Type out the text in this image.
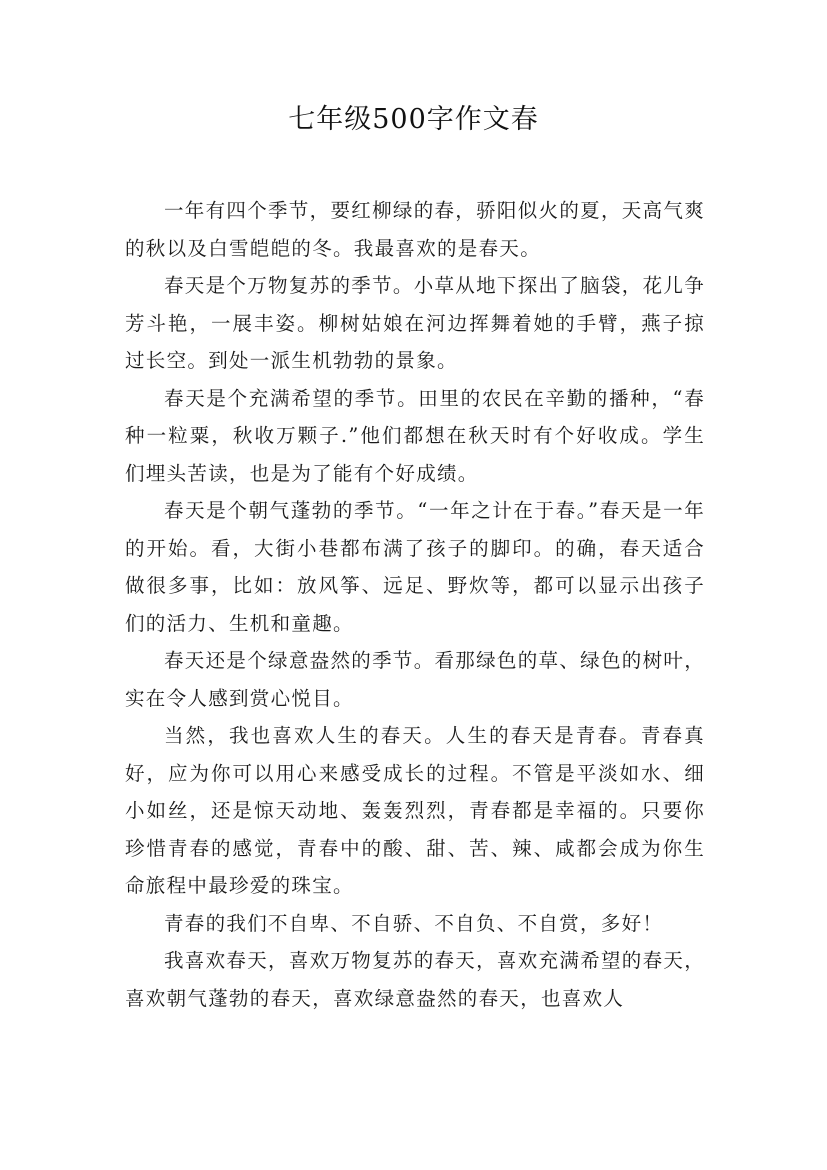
七年级500字作文春

一年有四个季节，要红柳绿的春，骄阳似火的夏，天高气爽的秋以及白雪皑皑的冬。我最喜欢的是春天。

春天是个万物复苏的季节。小草从地下探出了脑袋，花儿争芳斗艳，一展丰姿。柳树姑娘在河边挥舞着她的手臂，燕子掠过长空。到处一派生机勃勃的景象。

春天是个充满希望的季节。田里的农民在辛勤的播种，“春种一粒粟，秋收万颗子.”他们都想在秋天时有个好收成。学生们埋头苦读，也是为了能有个好成绩。

春天是个朝气蓬勃的季节。“一年之计在于春。”春天是一年的开始。看，大街小巷都布满了孩子的脚印。的确，春天适合做很多事，比如：放风筝、远足、野炊等，都可以显示出孩子们的活力、生机和童趣。

春天还是个绿意盎然的季节。看那绿色的草、绿色的树叶，实在令人感到赏心悦目。

当然，我也喜欢人生的春天。人生的春天是青春。青春真好，应为你可以用心来感受成长的过程。不管是平淡如水、细小如丝，还是惊天动地、轰轰烈烈，青春都是幸福的。只要你珍惜青春的感觉，青春中的酸、甜、苦、辣、咸都会成为你生命旅程中最珍爱的珠宝。

青春的我们不自卑、不自骄、不自负、不自赏，多好！

我喜欢春天，喜欢万物复苏的春天，喜欢充满希望的春天，喜欢朝气蓬勃的春天，喜欢绿意盎然的春天，也喜欢人
